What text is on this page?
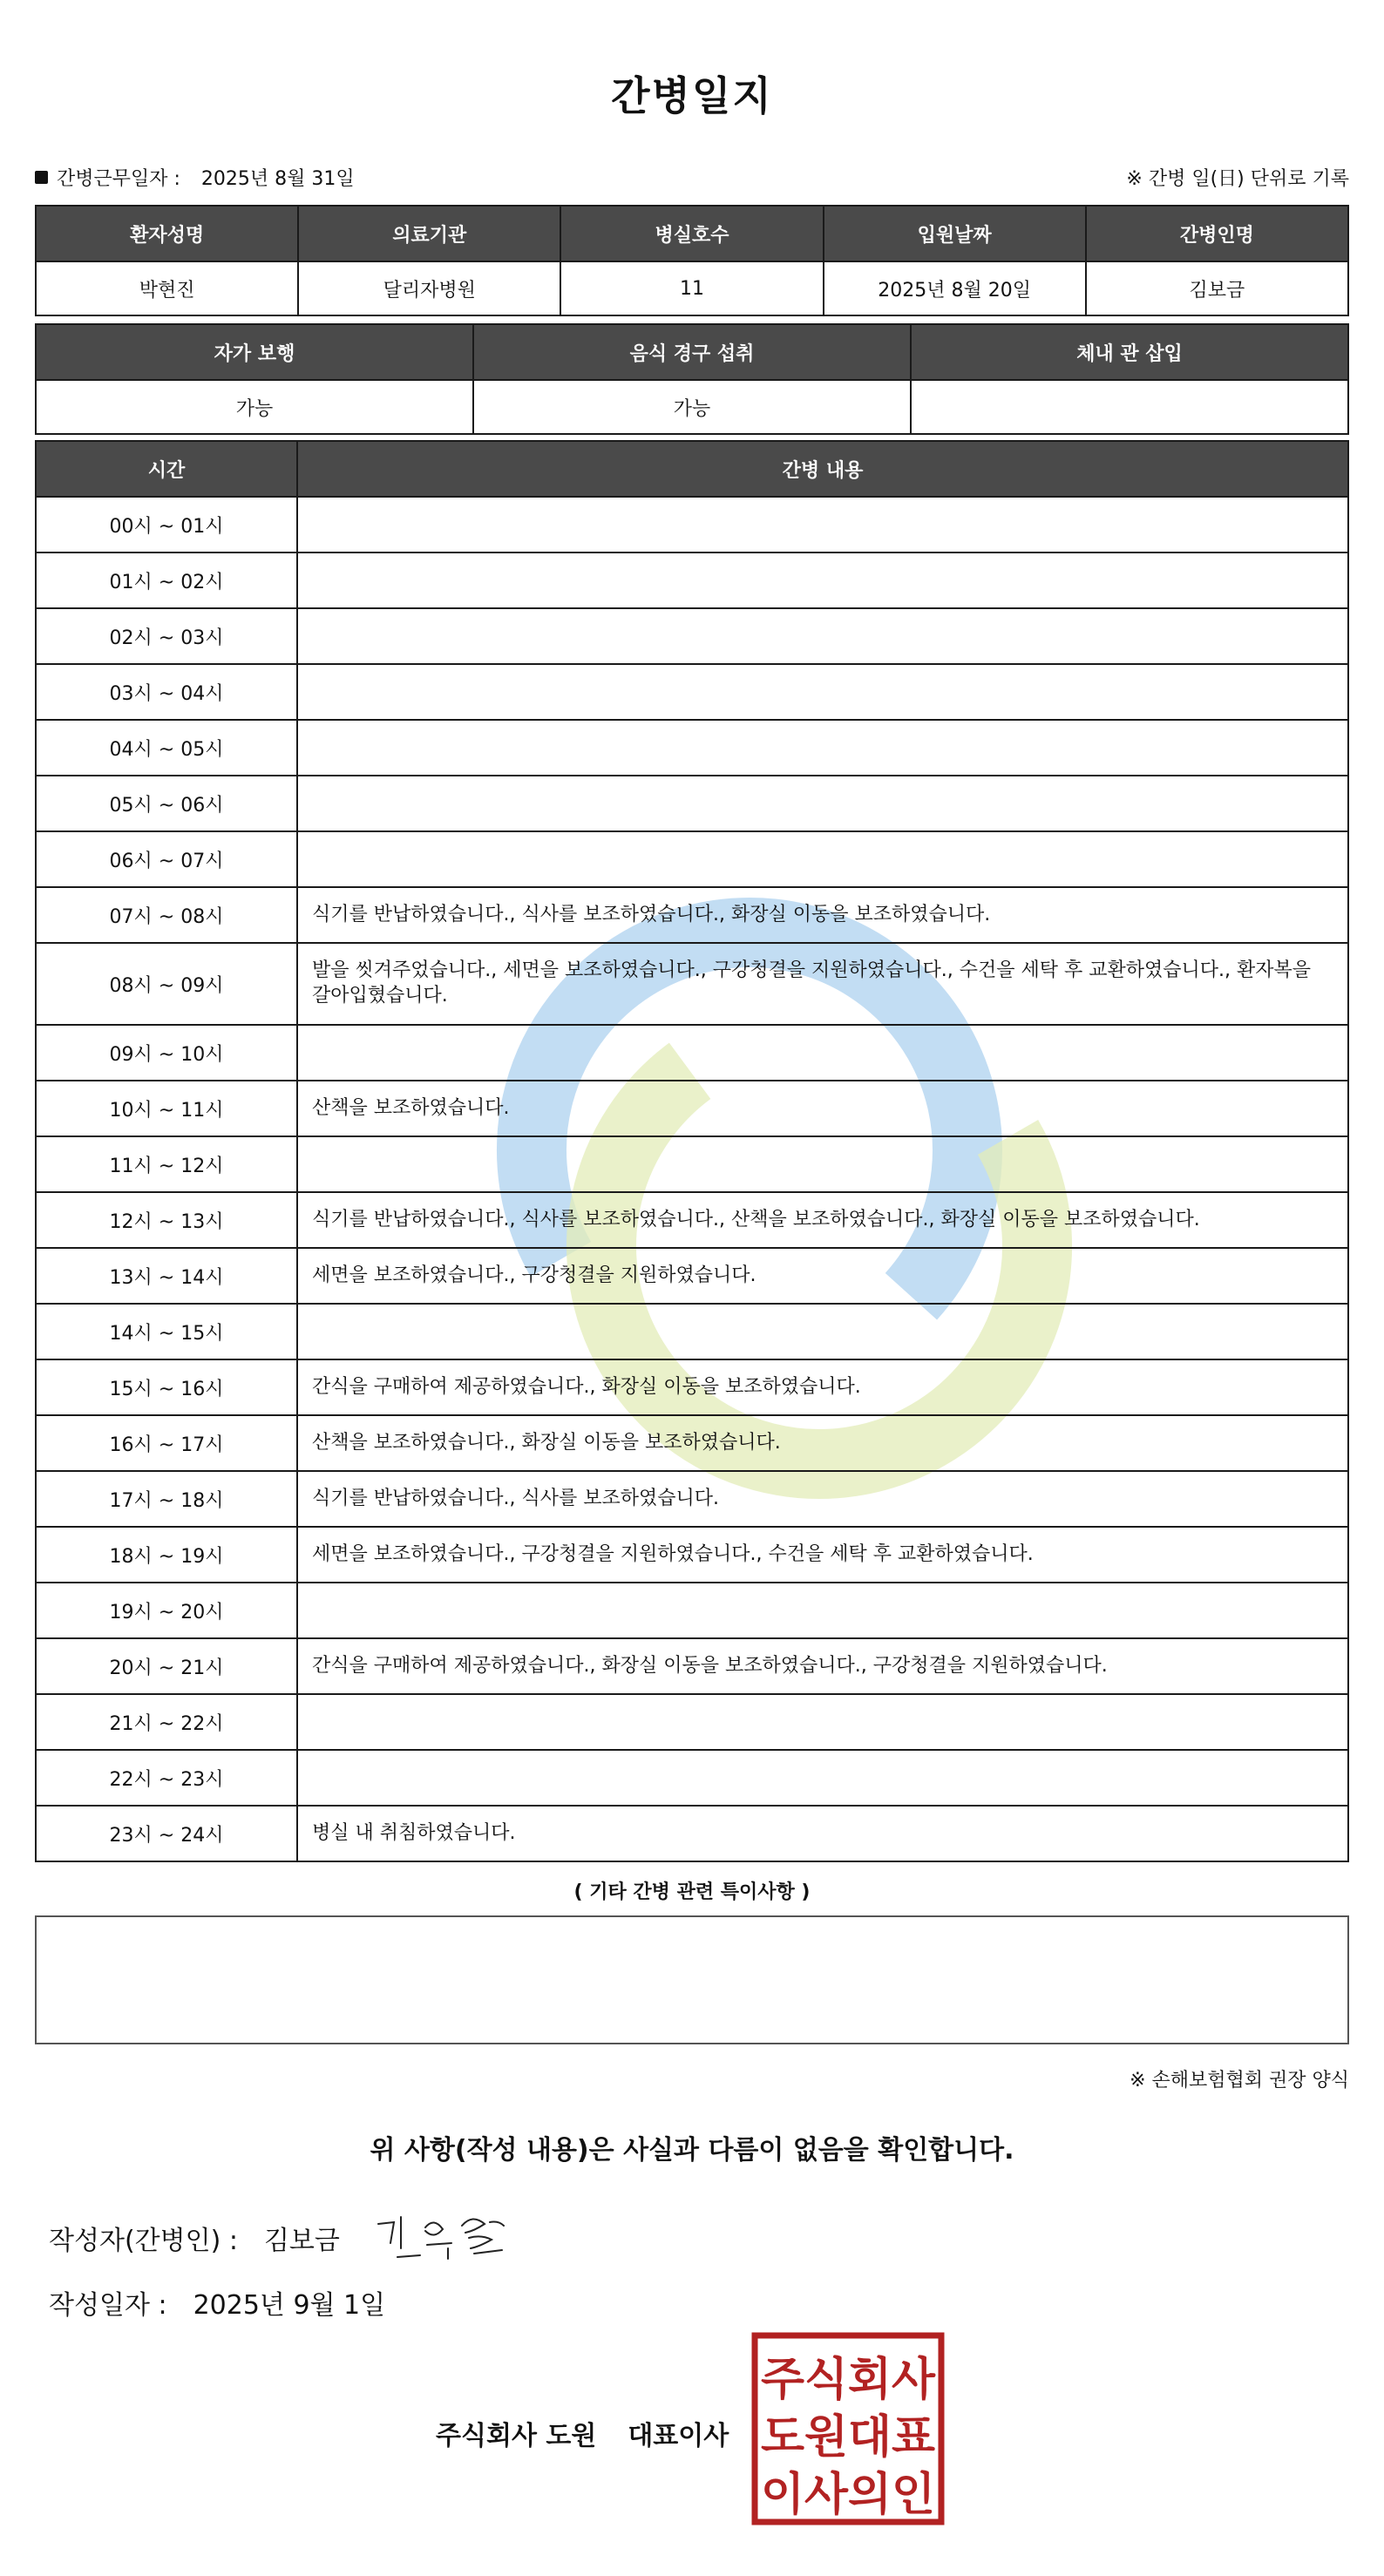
간병일지
간병근무일자 : 2025년 8월 31일	※ 간병 일(日) 단위로 기록
환자성명	의료기관	병실호수	입원날짜	간병인명
박현진	달리자병원	11	2025년 8월 20일	김보금
자가 보행	음식 경구 섭취	체내 관 삽입
가능	가능	
시간	간병 내용
00시 ~ 01시	
01시 ~ 02시	
02시 ~ 03시	
03시 ~ 04시	
04시 ~ 05시	
05시 ~ 06시	
06시 ~ 07시	
07시 ~ 08시	식기를 반납하였습니다., 식사를 보조하였습니다., 화장실 이동을 보조하였습니다.
08시 ~ 09시	발을 씻겨주었습니다., 세면을 보조하였습니다., 구강청결을 지원하였습니다., 수건을 세탁 후 교환하였습니다., 환자복을 갈아입혔습니다.
09시 ~ 10시	
10시 ~ 11시	산책을 보조하였습니다.
11시 ~ 12시	
12시 ~ 13시	식기를 반납하였습니다., 식사를 보조하였습니다., 산책을 보조하였습니다., 화장실 이동을 보조하였습니다.
13시 ~ 14시	세면을 보조하였습니다., 구강청결을 지원하였습니다.
14시 ~ 15시	
15시 ~ 16시	간식을 구매하여 제공하였습니다., 화장실 이동을 보조하였습니다.
16시 ~ 17시	산책을 보조하였습니다., 화장실 이동을 보조하였습니다.
17시 ~ 18시	식기를 반납하였습니다., 식사를 보조하였습니다.
18시 ~ 19시	세면을 보조하였습니다., 구강청결을 지원하였습니다., 수건을 세탁 후 교환하였습니다.
19시 ~ 20시	
20시 ~ 21시	간식을 구매하여 제공하였습니다., 화장실 이동을 보조하였습니다., 구강청결을 지원하였습니다.
21시 ~ 22시	
22시 ~ 23시	
23시 ~ 24시	병실 내 취침하였습니다.
( 기타 간병 관련 특이사항 )
※ 손해보험협회 권장 양식
위 사항(작성 내용)은 사실과 다름이 없음을 확인합니다.
작성자(간병인) : 김보금
작성일자 : 2025년 9월 1일
주식회사 도원 대표이사
주식회사
도원대표
이사의인
